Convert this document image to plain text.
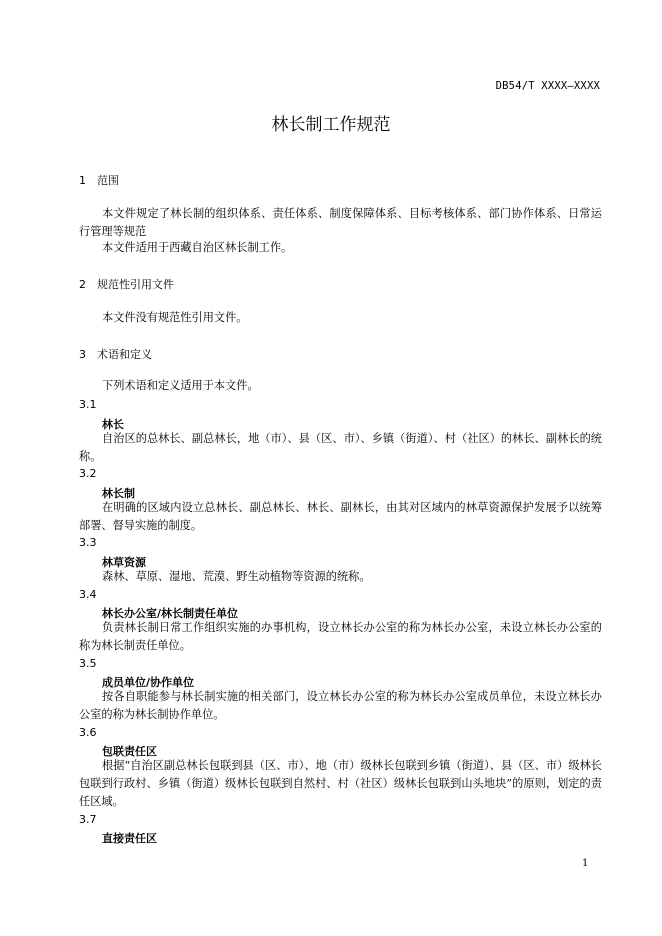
DB54/T XXXX—XXXX
林长制工作规范
1 范围

本文件规定了林长制的组织体系、责任体系、制度保障体系、目标考核体系、部门协作体系、日常运行管理等规范

本文件适用于西藏自治区林长制工作。

2 规范性引用文件

本文件没有规范性引用文件。

3 术语和定义

下列术语和定义适用于本文件。

3.1
林长

自治区的总林长、副总林长，地（市）、县（区、市）、乡镇（街道）、村（社区）的林长、副林长的统称。

3.2
林长制

在明确的区域内设立总林长、副总林长、林长、副林长，由其对区域内的林草资源保护发展予以统筹部署、督导实施的制度。

3.3
林草资源

森林、草原、湿地、荒漠、野生动植物等资源的统称。

3.4
林长办公室/林长制责任单位

负责林长制日常工作组织实施的办事机构，设立林长办公室的称为林长办公室，未设立林长办公室的称为林长制责任单位。

3.5
成员单位/协作单位

按各自职能参与林长制实施的相关部门，设立林长办公室的称为林长办公室成员单位，未设立林长办公室的称为林长制协作单位。

3.6
包联责任区

根据“自治区副总林长包联到县（区、市）、地（市）级林长包联到乡镇（街道）、县（区、市）级林长包联到行政村、乡镇（街道）级林长包联到自然村、村（社区）级林长包联到山头地块”的原则，划定的责任区域。

3.7
直接责任区
1
